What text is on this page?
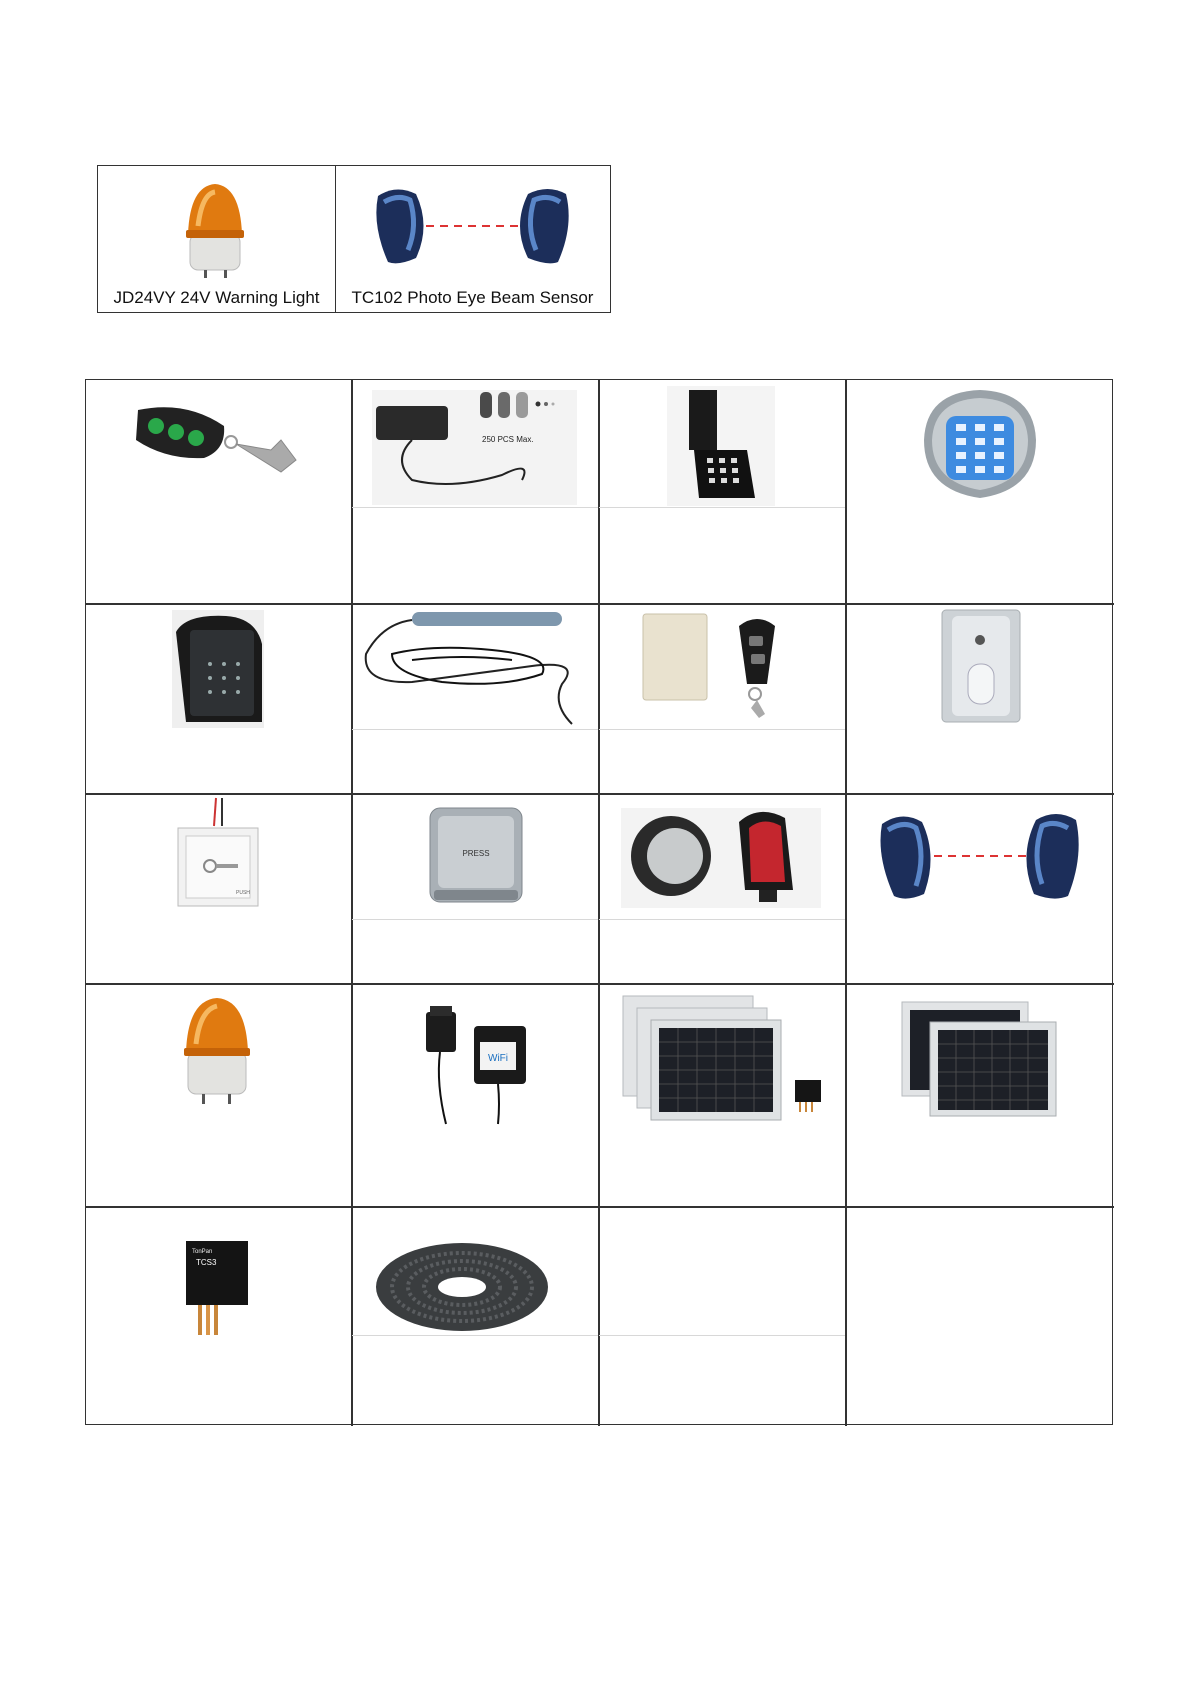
JD24VY 24V Warning Light	TC102 Photo Eye Beam Sensor
250 PCS Max.
PUSH
PRESS
WiFi
TonPan
TCS3
